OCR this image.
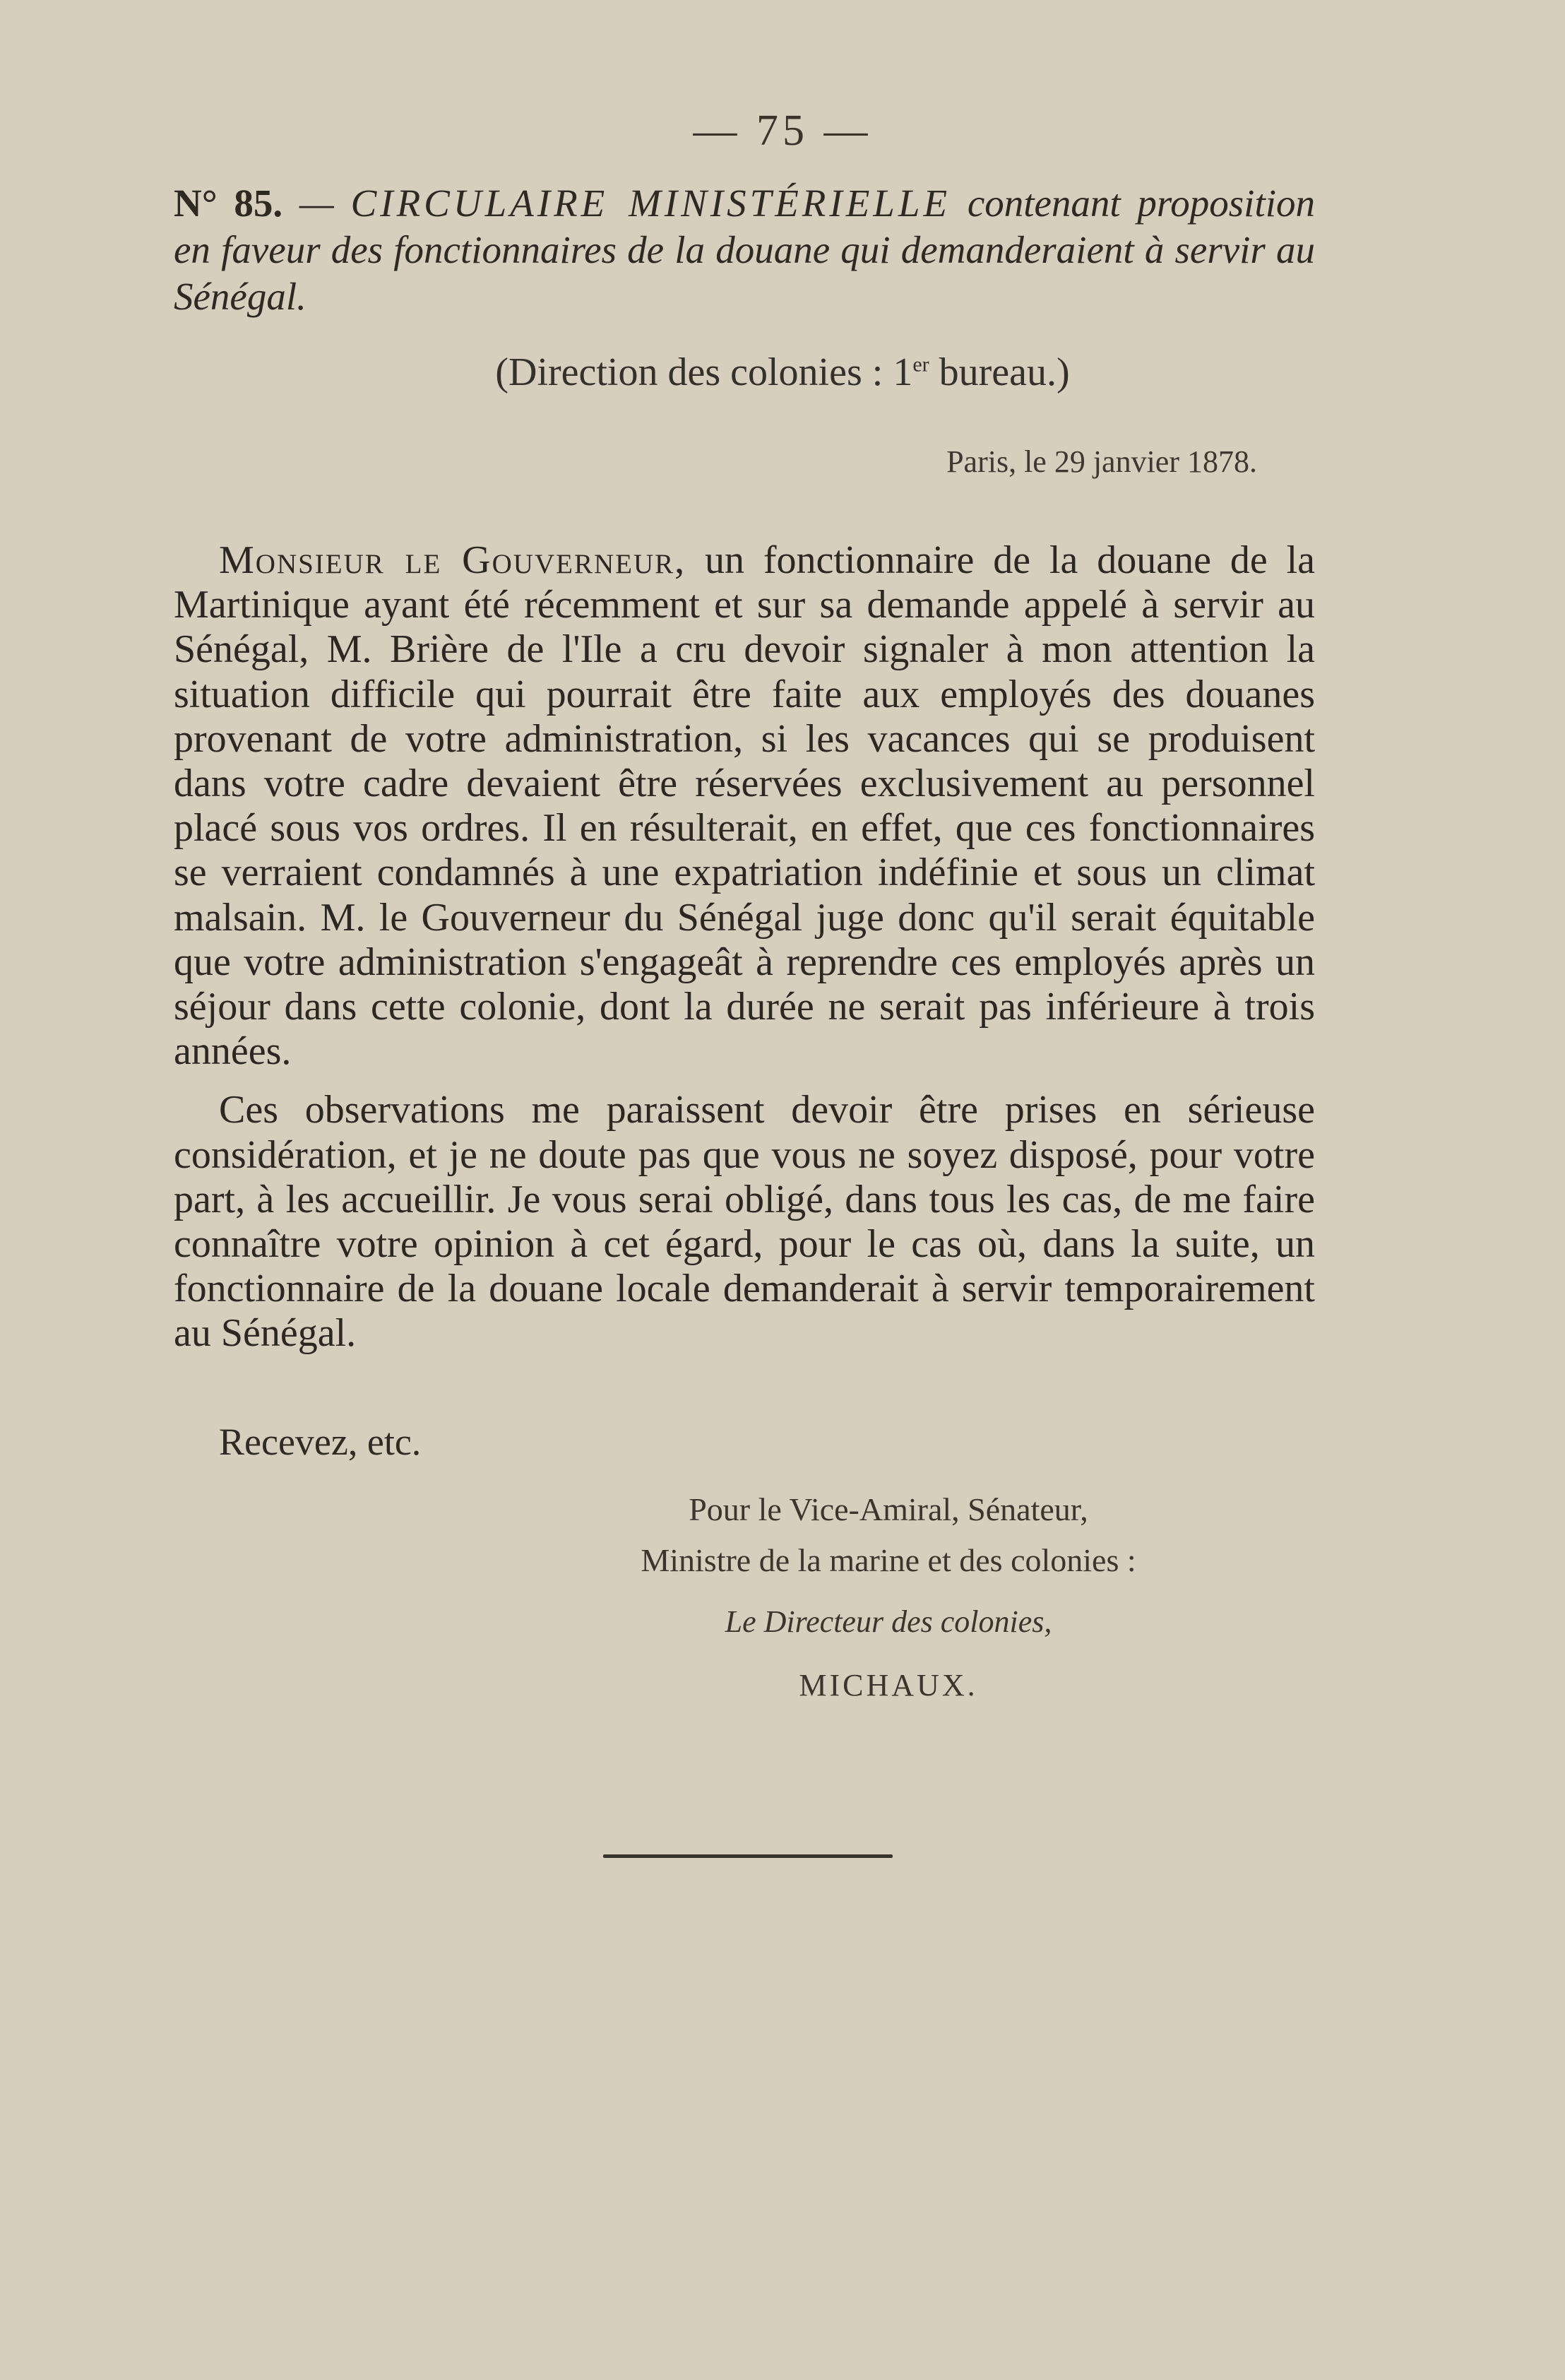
— 75 —
N° 85. — CIRCULAIRE MINISTÉRIELLE contenant proposition en faveur des fonctionnaires de la douane qui demanderaient à servir au Sénégal.
(Direction des colonies : 1er bureau.)
Paris, le 29 janvier 1878.

Monsieur le Gouverneur, un fonctionnaire de la douane de la Martinique ayant été récemment et sur sa demande appelé à servir au Sénégal, M. Brière de l'Ile a cru devoir signaler à mon attention la situation difficile qui pourrait être faite aux employés des douanes provenant de votre administration, si les vacances qui se produisent dans votre cadre devaient être réservées exclusivement au personnel placé sous vos ordres. Il en résulterait, en effet, que ces fonctionnaires se verraient condamnés à une expatriation indéfinie et sous un climat malsain. M. le Gouverneur du Sénégal juge donc qu'il serait équitable que votre administration s'engageât à reprendre ces employés après un séjour dans cette colonie, dont la durée ne serait pas inférieure à trois années.

Ces observations me paraissent devoir être prises en sérieuse considération, et je ne doute pas que vous ne soyez disposé, pour votre part, à les accueillir. Je vous serai obligé, dans tous les cas, de me faire connaître votre opinion à cet égard, pour le cas où, dans la suite, un fonctionnaire de la douane locale demanderait à servir temporairement au Sénégal.

Recevez, etc.
Pour le Vice-Amiral, Sénateur,
Ministre de la marine et des colonies :
Le Directeur des colonies,
MICHAUX.
